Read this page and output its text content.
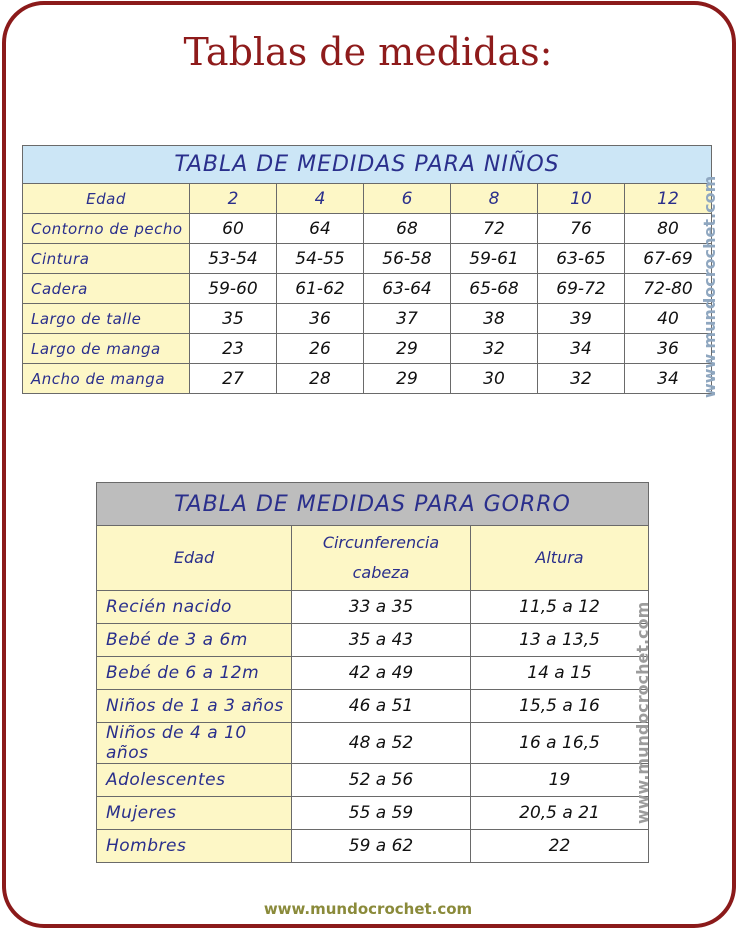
Tablas de medidas:
TABLA DE MEDIDAS PARA NIÑOS						
Edad	2	4	6	8	10	12
Contorno de pecho	60	64	68	72	76	80
Cintura	53-54	54-55	56-58	59-61	63-65	67-69
Cadera	59-60	61-62	63-64	65-68	69-72	72-80
Largo de talle	35	36	37	38	39	40
Largo de manga	23	26	29	32	34	36
Ancho de manga	27	28	29	30	32	34
TABLA DE MEDIDAS PARA GORRO		
Edad	Circunferencia cabeza	Altura
Recién nacido	33 a 35	11,5 a 12
Bebé de 3 a 6m	35 a 43	13 a 13,5
Bebé de 6 a 12m	42 a 49	14 a 15
Niños de 1 a 3 años	46 a 51	15,5 a 16
Niños de 4 a 10 años	48 a 52	16 a 16,5
Adolescentes	52 a 56	19
Mujeres	55 a 59	20,5 a 21
Hombres	59 a 62	22
www.mundocrochet.com
www.mundocrochet.com
www.mundocrochet.com
